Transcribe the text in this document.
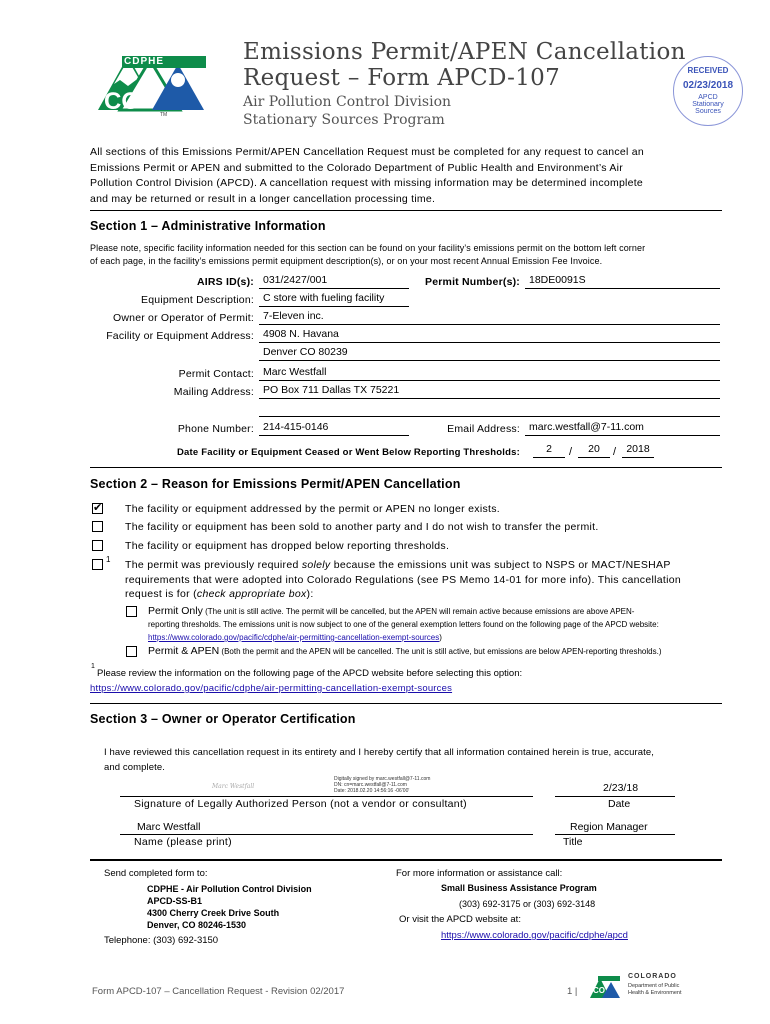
CDPHE
CO	TM
Emissions Permit/APEN Cancellation
Request – Form APCD-107
Air Pollution Control Division
Stationary Sources Program
RECEIVED
02/23/2018
APCD
Stationary
Sources
All sections of this Emissions Permit/APEN Cancellation Request must be completed for any request to cancel an
Emissions Permit or APEN and submitted to the Colorado Department of Public Health and Environment’s Air
Pollution Control Division (APCD). A cancellation request with missing information may be determined incomplete
and may be returned or result in a longer cancellation processing time.
Section 1 – Administrative Information
Please note, specific facility information needed for this section can be found on your facility’s emissions permit on the bottom left corner
of each page, in the facility’s emissions permit equipment description(s), or on your most recent Annual Emission Fee Invoice.
AIRS ID(s): 031/2427/001	Permit Number(s): 18DE0091S
Equipment Description: C store with fueling facility
Owner or Operator of Permit: 7-Eleven inc.
Facility or Equipment Address: 4908 N. Havana
Denver CO 80239
Permit Contact: Marc Westfall
Mailing Address: PO Box 711 Dallas TX 75221
Phone Number: 214-415-0146	Email Address: marc.westfall@7-11.com
Date Facility or Equipment Ceased or Went Below Reporting Thresholds:	2	/	20	/ 2018
Section 2 – Reason for Emissions Permit/APEN Cancellation
✔ The facility or equipment addressed by the permit or APEN no longer exists.
The facility or equipment has been sold to another party and I do not wish to transfer the permit.
The facility or equipment has dropped below reporting thresholds.
1 The permit was previously required solely because the emissions unit was subject to NSPS or MACT/NESHAP
requirements that were adopted into Colorado Regulations (see PS Memo 14-01 for more info). This cancellation
request is for (check appropriate box):
Permit Only (The unit is still active. The permit will be cancelled, but the APEN will remain active because emissions are above APEN-
reporting thresholds. The emissions unit is now subject to one of the general exemption letters found on the following page of the APCD website:
https://www.colorado.gov/pacific/cdphe/air-permitting-cancellation-exempt-sources)
Permit & APEN (Both the permit and the APEN will be cancelled. The unit is still active, but emissions are below APEN-reporting thresholds.)
1
Please review the information on the following page of the APCD website before selecting this option:
https://www.colorado.gov/pacific/cdphe/air-permitting-cancellation-exempt-sources
Section 3 – Owner or Operator Certification
I have reviewed this cancellation request in its entirety and I hereby certify that all information contained herein is true, accurate,
and complete.
Marc Westfall
Digitally signed by marc.westfall@7-11.com
DN: cn=marc.westfall@7-11.com
Date: 2018.02.20 14:56:16 -06'00'	2/23/18
Signature of Legally Authorized Person (not a vendor or consultant)	Date
Marc Westfall	Region Manager
Name (please print)	Title
Send completed form to:
CDPHE - Air Pollution Control Division
APCD-SS-B1
4300 Cherry Creek Drive South
Denver, CO 80246-1530
Telephone: (303) 692-3150
For more information or assistance call:
Small Business Assistance Program
(303) 692-3175 or (303) 692-3148
Or visit the APCD website at:
https://www.colorado.gov/pacific/cdphe/apcd
Form APCD-107 – Cancellation Request - Revision 02/2017	1 | CO
COLORADO
Department of Public
Health & Environment
